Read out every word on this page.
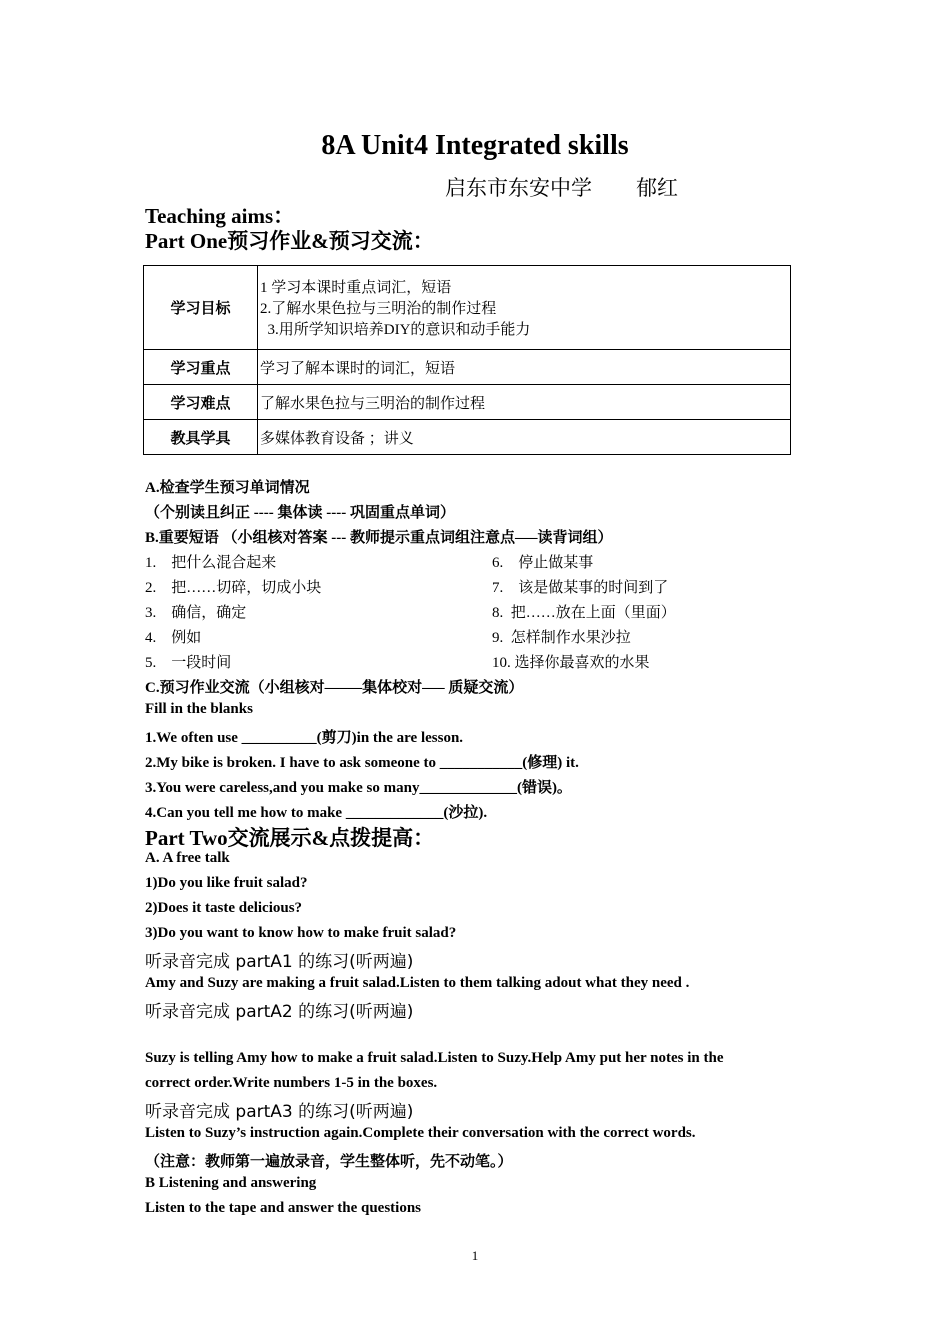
8A Unit4 Integrated skills
启东市东安中学 郁红
Teaching aims：
Part One预习作业&预习交流：
学习目标	1 学习本课时重点词汇，短语
2.了解水果色拉与三明治的制作过程
3.用所学知识培养DIY的意识和动手能力

学习重点	学习了解本课时的词汇，短语
学习难点	了解水果色拉与三明治的制作过程
教具学具	多媒体教育设备 ；讲义
A.检查学生预习单词情况
（个别读且纠正 ---- 集体读 ---- 巩固重点单词）
B.重要短语 （小组核对答案 --- 教师提示重点词组注意点—–读背词组）
1.    把什么混合起来
2.    把……切碎，切成小块
3.    确信，确定
4.    例如
5.    一段时间
6.    停止做某事
7.    该是做某事的时间到了
8.  把……放在上面（里面）
9.  怎样制作水果沙拉
10. 选择你最喜欢的水果
C.预习作业交流（小组核对—–—集体校对—– 质疑交流）
Fill in the blanks
1.We often use __________(剪刀)in the are lesson.
2.My bike is broken. I have to ask someone to ___________(修理) it.
3.You were careless,and you make so many_____________(错误)。
4.Can you tell me how to make _____________(沙拉).
Part Two交流展示&点拨提高：
A. A free talk
1)Do you like fruit salad?
2)Does it taste delicious?
3)Do you want to know how to make fruit salad?
听录音完成 partA1 的练习(听两遍)
Amy and Suzy are making a fruit salad.Listen to them talking adout what they need .
听录音完成 partA2 的练习(听两遍)
Suzy is telling Amy how to make a fruit salad.Listen to Suzy.Help Amy put her notes in the
correct order.Write numbers 1-5 in the boxes.
听录音完成 partA3 的练习(听两遍)
Listen to Suzy’s instruction again.Complete their conversation with the correct words.
（注意：教师第一遍放录音，学生整体听，先不动笔。）
B Listening and answering
Listen to the tape and answer the questions
1
